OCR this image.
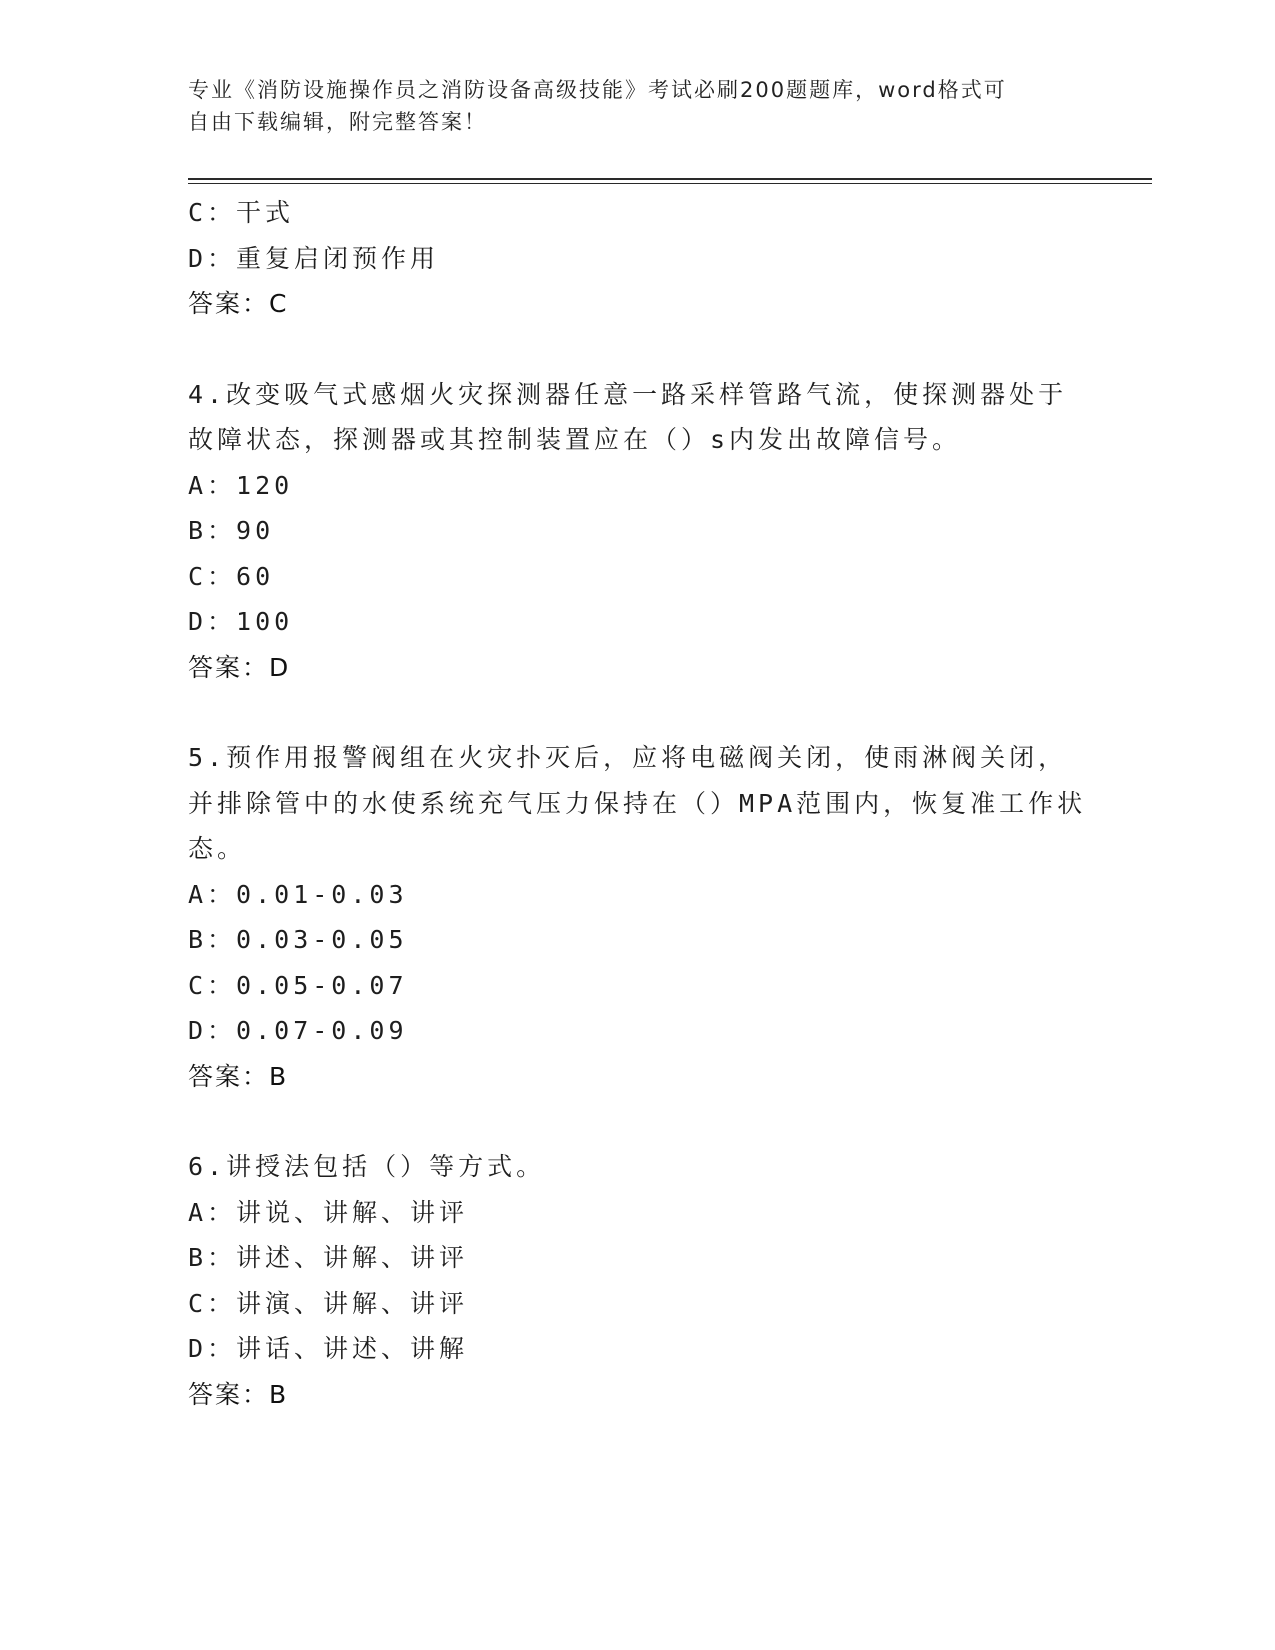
专业《消防设施操作员之消防设备高级技能》考试必刷200题题库，word格式可
自由下载编辑，附完整答案！
C：干式
D：重复启闭预作用
答案：C
4.改变吸气式感烟火灾探测器任意一路采样管路气流，使探测器处于
故障状态，探测器或其控制装置应在（）s内发出故障信号。
A：120
B：90
C：60
D：100
答案：D
5.预作用报警阀组在火灾扑灭后，应将电磁阀关闭，使雨淋阀关闭，
并排除管中的水使系统充气压力保持在（）MPA范围内，恢复准工作状
态。
A：0.01-0.03
B：0.03-0.05
C：0.05-0.07
D：0.07-0.09
答案：B
6.讲授法包括（）等方式。
A：讲说、讲解、讲评
B：讲述、讲解、讲评
C：讲演、讲解、讲评
D：讲话、讲述、讲解
答案：B
